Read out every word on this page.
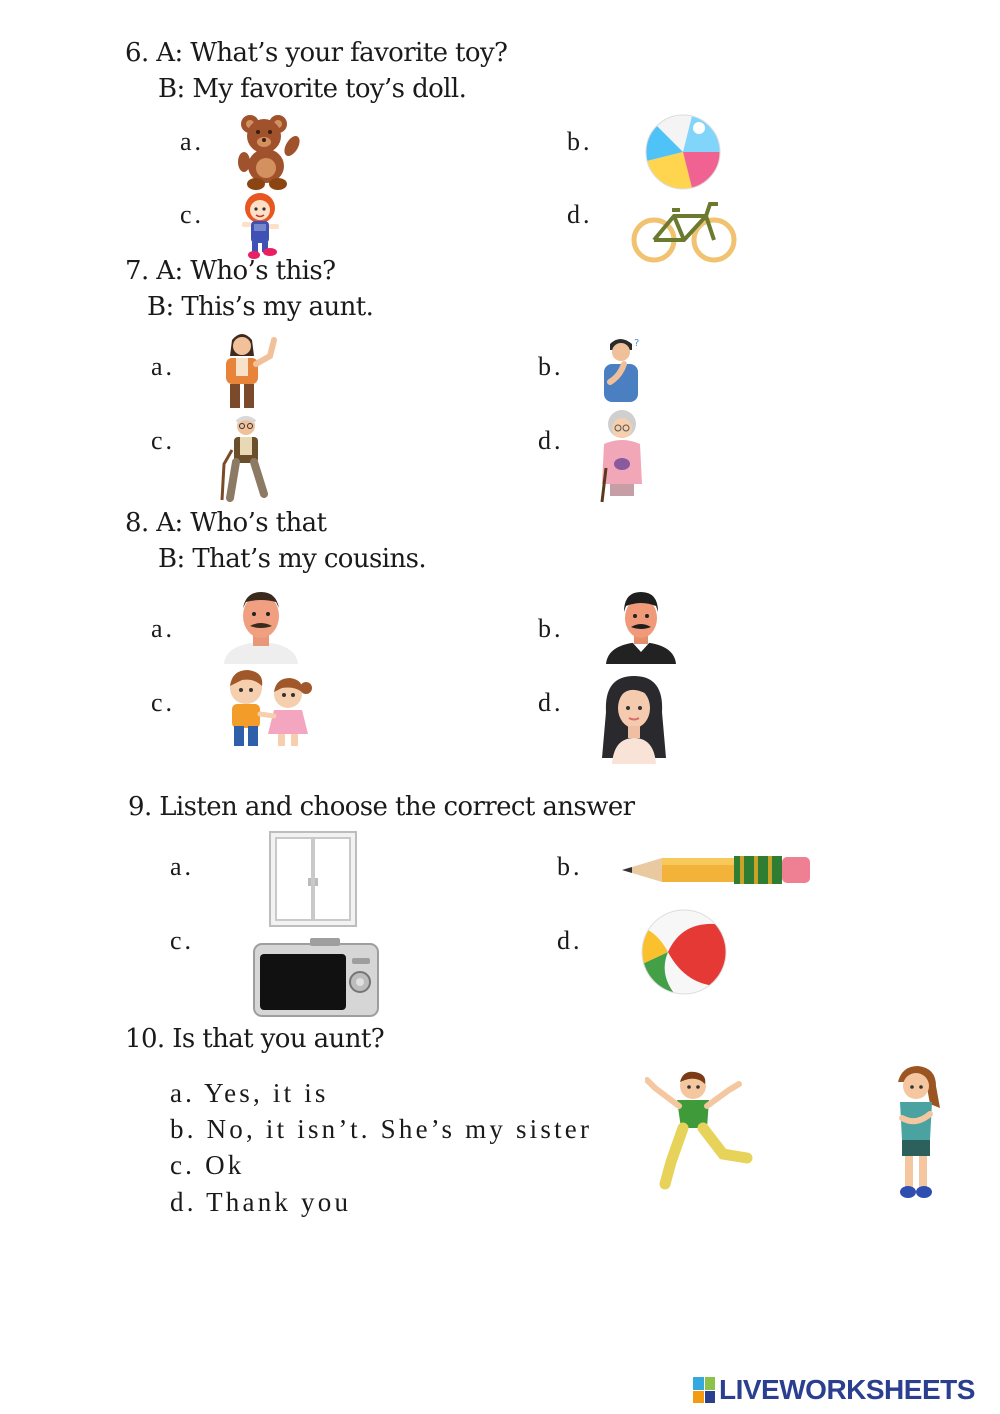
6. A: What’s your favorite toy?
B: My favorite toy’s doll.
a.	b.
c.	d.
7. A: Who’s this?
B: This’s my aunt.
a.	b.
?
c.	d.
8. A: Who’s that
B: That’s my cousins.
a.	b.
c.	d.
9. Listen and choose the correct answer
a.	b.
c.	d.
10. Is that you aunt?
a. Yes, it is
b. No, it isn’t. She’s my sister
c. Ok
d. Thank you
LIVEWORKSHEETS
